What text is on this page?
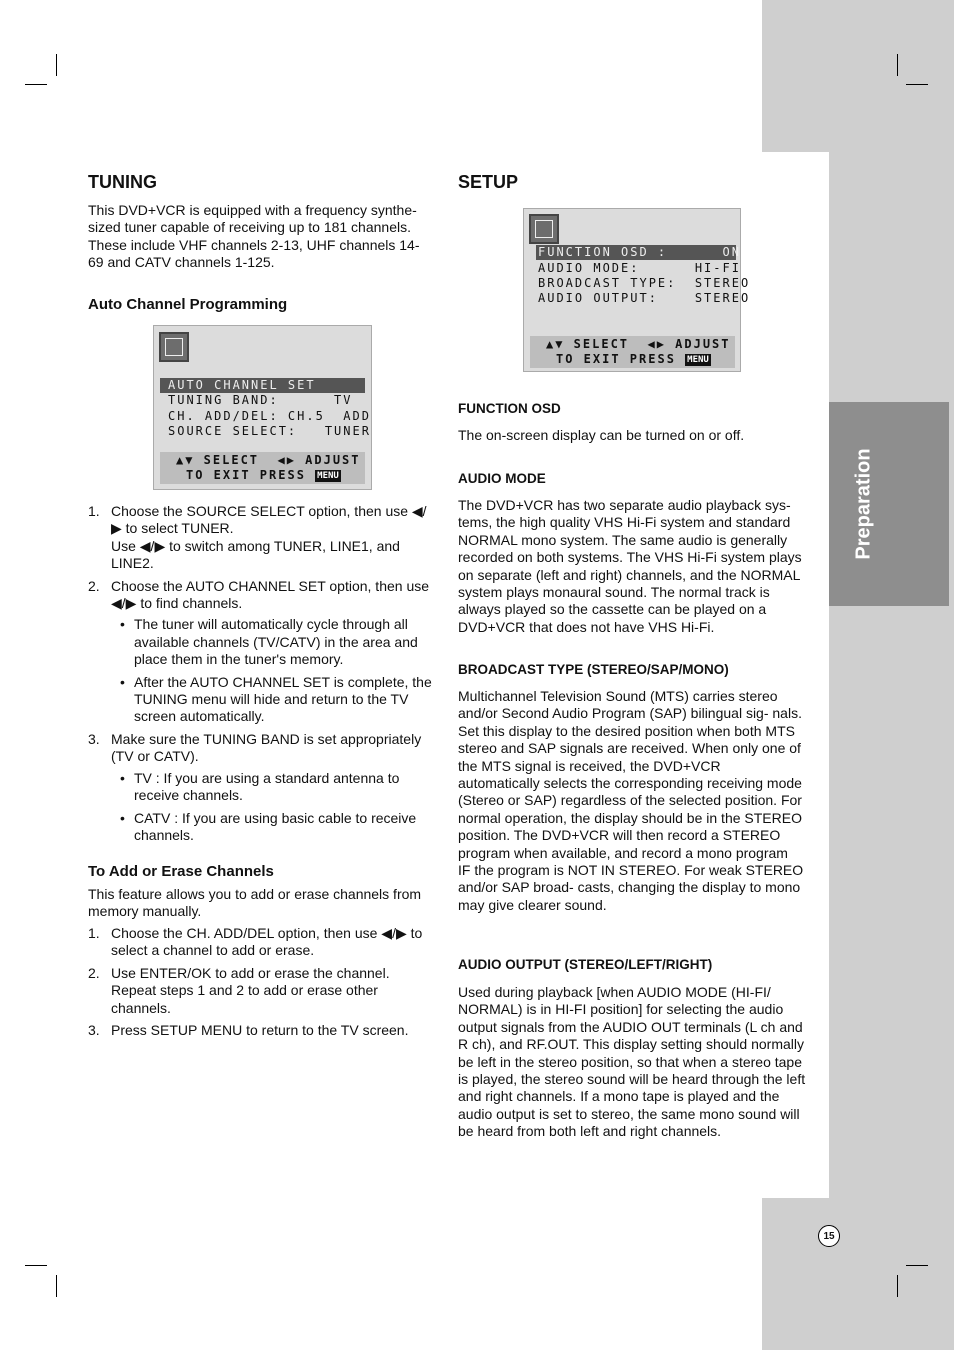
Preparation
15
TUNING

This DVD+VCR is equipped with a frequency synthe- sized tuner capable of receiving up to 181 channels. These include VHF channels 2-13, UHF channels 14-69 and CATV channels 1-125.

Auto Channel Programming
AUTO CHANNEL SET
TUNING BAND:      TV
CH. ADD/DEL: CH.5  ADD
SOURCE SELECT:   TUNER
▲▼ SELECT  ◀▶ ADJUST
TO EXIT PRESS MENU
1. Choose the SOURCE SELECT option, then use ◀/▶ to select TUNER.
Use ◀/▶ to switch among TUNER, LINE1, and LINE2.
2. Choose the AUTO CHANNEL SET option, then use ◀/▶ to find channels.
• The tuner will automatically cycle through all available channels (TV/CATV) in the area and place them in the tuner's memory.
• After the AUTO CHANNEL SET is complete, the TUNING menu will hide and return to the TV screen automatically.
3. Make sure the TUNING BAND is set appropriately (TV or CATV).
• TV : If you are using a standard antenna to receive channels.
• CATV : If you are using basic cable to receive channels.
To Add or Erase Channels

This feature allows you to add or erase channels from memory manually.

1. Choose the CH. ADD/DEL option, then use ◀/▶ to select a channel to add or erase.
2. Use ENTER/OK to add or erase the channel. Repeat steps 1 and 2 to add or erase other channels.
3. Press SETUP MENU to return to the TV screen.
SETUP
FUNCTION OSD :      ON
AUDIO MODE:      HI-FI
BROADCAST TYPE:  STEREO
AUDIO OUTPUT:    STEREO
▲▼ SELECT  ◀▶ ADJUST
TO EXIT PRESS MENU
FUNCTION OSD

The on-screen display can be turned on or off.

AUDIO MODE

The DVD+VCR has two separate audio playback sys- tems, the high quality VHS Hi-Fi system and standard NORMAL mono system. The same audio is generally recorded on both systems. The VHS Hi-Fi system plays on separate (left and right) channels, and the NORMAL system plays monaural sound. The normal track is always played so the cassette can be played on a DVD+VCR that does not have VHS Hi-Fi.

BROADCAST TYPE (STEREO/SAP/MONO)

Multichannel Television Sound (MTS) carries stereo and/or Second Audio Program (SAP) bilingual sig- nals. Set this display to the desired position when both MTS stereo and SAP signals are received. When only one of the MTS signal is received, the DVD+VCR automatically selects the corresponding receiving mode (Stereo or SAP) regardless of the selected position. For normal operation, the display should be in the STEREO position. The DVD+VCR will then record a STEREO program when available, and record a mono program IF the program is NOT IN STEREO. For weak STEREO and/or SAP broad- casts, changing the display to mono may give clearer sound.

AUDIO OUTPUT (STEREO/LEFT/RIGHT)

Used during playback [when AUDIO MODE (HI-FI/ NORMAL) is in HI-FI position] for selecting the audio output signals from the AUDIO OUT terminals (L ch and R ch), and RF.OUT. This display setting should normally be left in the stereo position, so that when a stereo tape is played, the stereo sound will be heard through the left and right channels. If a mono tape is played and the audio output is set to stereo, the same mono sound will be heard from both left and right channels.
